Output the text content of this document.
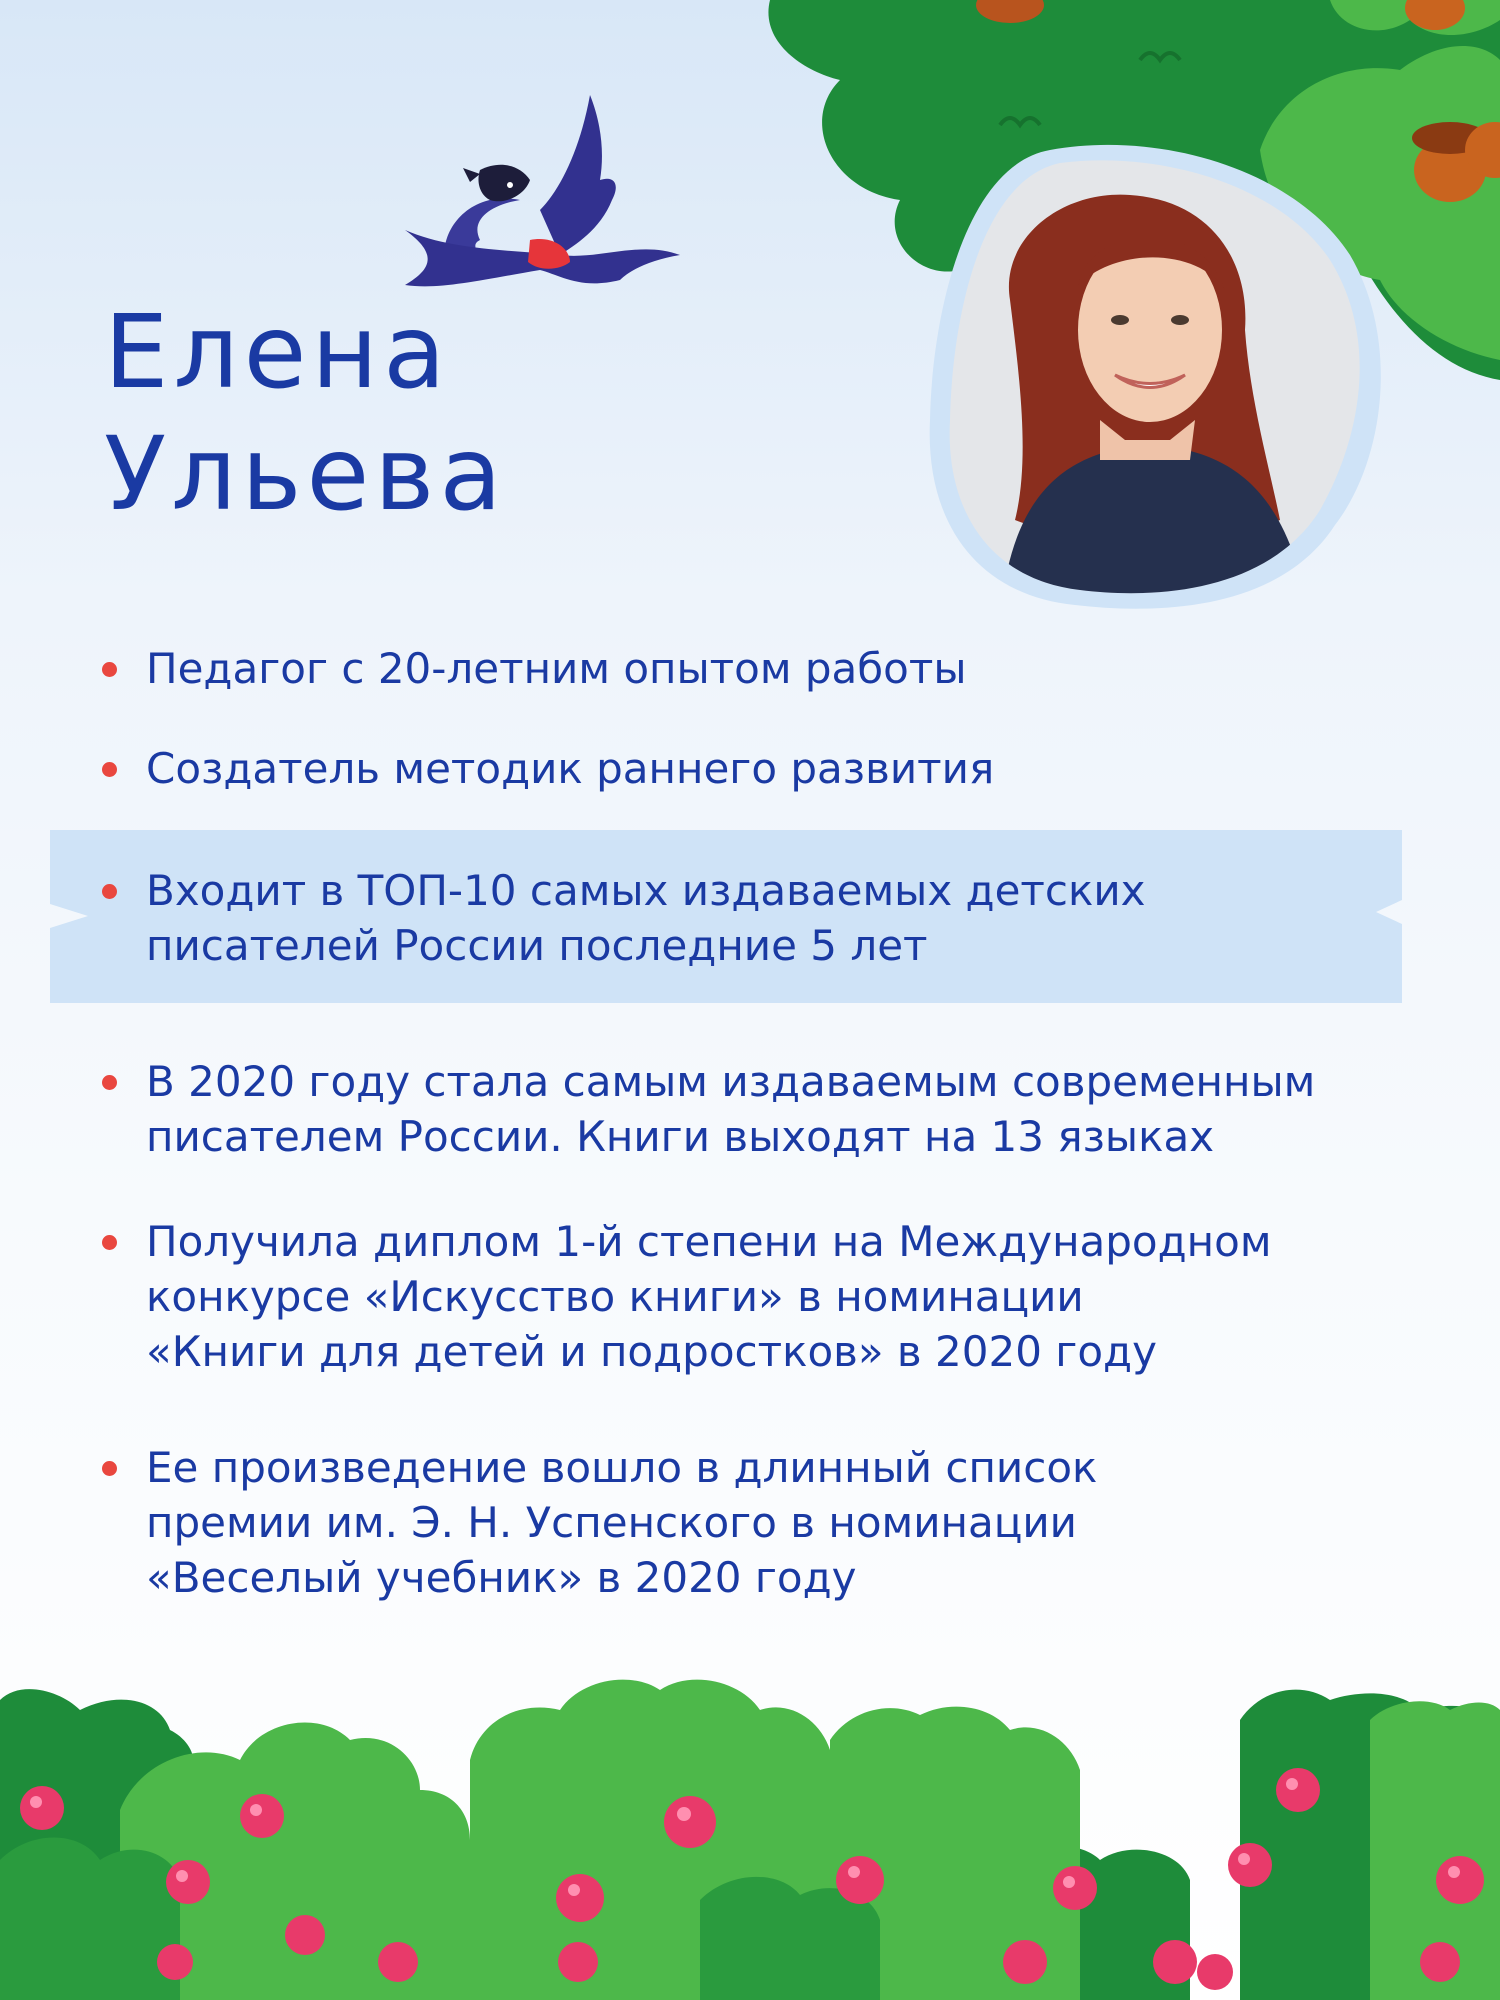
Елена
Ульева
Педагог с 20-летним опытом работы
Создатель методик раннего развития
Входит в ТОП-10 самых издаваемых детских
писателей России последние 5 лет
В 2020 году стала самым издаваемым современным
писателем России. Книги выходят на 13 языках
Получила диплом 1-й степени на Международном
конкурсе «Искусство книги» в номинации
«Книги для детей и подростков» в 2020 году
Ее произведение вошло в длинный список
премии им. Э. Н. Успенского в номинации
«Веселый учебник» в 2020 году
